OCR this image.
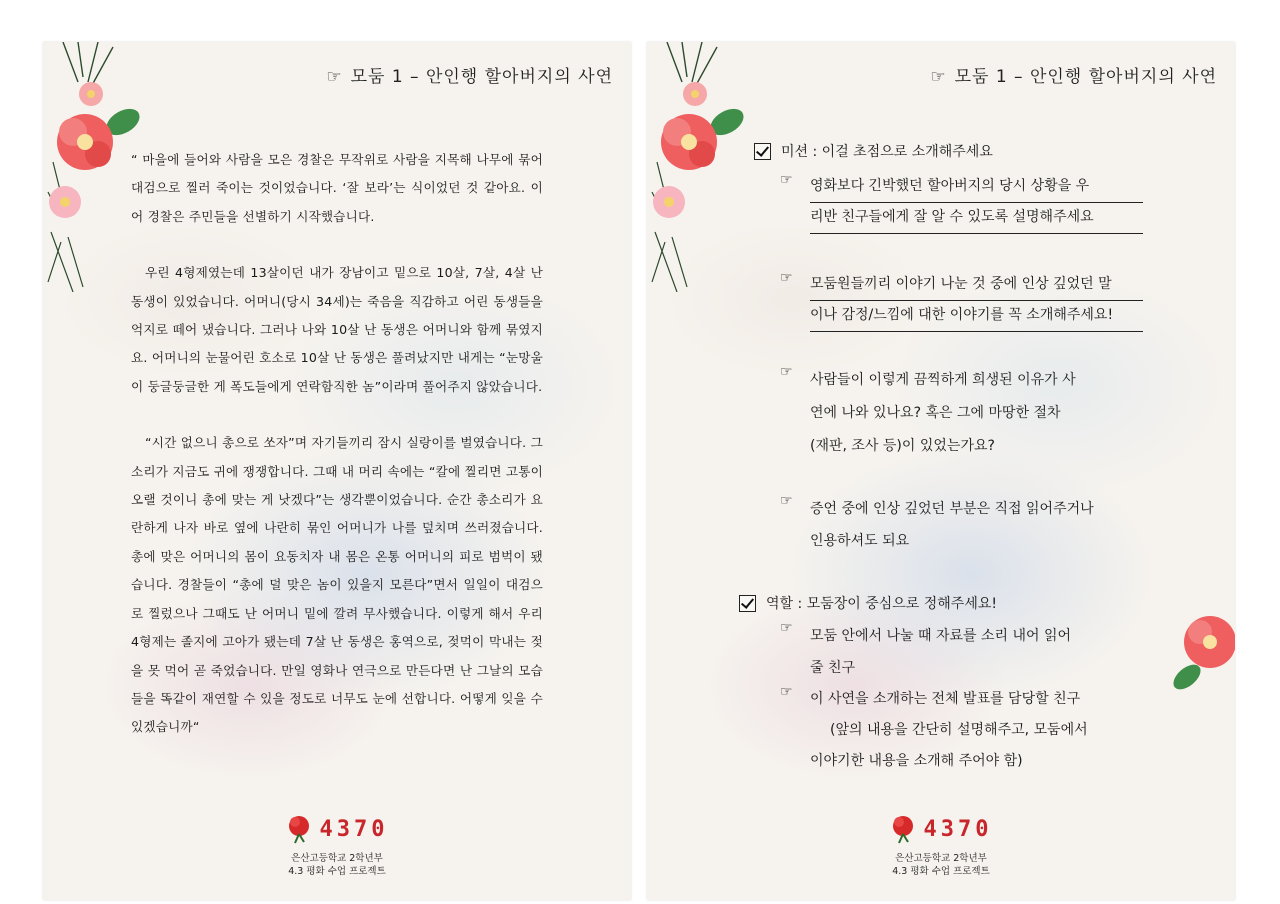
☞ 모둠 1 – 안인행 할아버지의 사연

“ 마을에 들어와 사람을 모은 경찰은 무작위로 사람을 지목해 나무에 묶어 대검으로 찔러 죽이는 것이었습니다. ‘잘 보라’는 식이었던 것 같아요. 이어 경찰은 주민들을 선별하기 시작했습니다.

우린 4형제였는데 13살이던 내가 장남이고 밑으로 10살, 7살, 4살 난 동생이 있었습니다. 어머니(당시 34세)는 죽음을 직감하고 어린 동생들을 억지로 떼어 냈습니다. 그러나 나와 10살 난 동생은 어머니와 함께 묶였지요. 어머니의 눈물어린 호소로 10살 난 동생은 풀려났지만 내게는 “눈망울이 둥글둥글한 게 폭도들에게 연락함직한 놈”이라며 풀어주지 않았습니다.

“시간 없으니 총으로 쏘자”며 자기들끼리 잠시 실랑이를 벌였습니다. 그 소리가 지금도 귀에 쟁쟁합니다. 그때 내 머리 속에는 “칼에 찔리면 고통이 오랠 것이니 총에 맞는 게 낫겠다”는 생각뿐이었습니다. 순간 총소리가 요란하게 나자 바로 옆에 나란히 묶인 어머니가 나를 덮치며 쓰러졌습니다. 총에 맞은 어머니의 몸이 요동치자 내 몸은 온통 어머니의 피로 범벅이 됐습니다. 경찰들이 “총에 덜 맞은 놈이 있을지 모른다”면서 일일이 대검으로 찔렀으나 그때도 난 어머니 밑에 깔려 무사했습니다. 이렇게 해서 우리 4형제는 졸지에 고아가 됐는데 7살 난 동생은 홍역으로, 젖먹이 막내는 젖을 못 먹어 곧 죽었습니다. 만일 영화나 연극으로 만든다면 난 그날의 모습들을 똑같이 재연할 수 있을 정도로 너무도 눈에 선합니다. 어떻게 잊을 수 있겠습니까“

4370
은산고등학교 2학년부
4.3 평화 수업 프로젝트
☞ 모둠 1 – 안인행 할아버지의 사연
미션 : 이걸 초점으로 소개해주세요
☞ 영화보다 긴박했던 할아버지의 당시 상황을 우
리반 친구들에게 잘 알 수 있도록 설명해주세요
☞ 모둠원들끼리 이야기 나눈 것 중에 인상 깊었던 말
이나 감정/느낌에 대한 이야기를 꼭 소개해주세요!
☞ 사람들이 이렇게 끔찍하게 희생된 이유가 사
연에 나와 있나요? 혹은 그에 마땅한 절차
(재판, 조사 등)이 있었는가요?
☞ 증언 중에 인상 깊었던 부분은 직접 읽어주거나
인용하셔도 되요
역할 : 모둠장이 중심으로 정해주세요!
☞ 모둠 안에서 나눌 때 자료를 소리 내어 읽어
줄 친구
☞ 이 사연을 소개하는 전체 발표를 담당할 친구
(앞의 내용을 간단히 설명해주고, 모둠에서
이야기한 내용을 소개해 주어야 함)
4370
은산고등학교 2학년부
4.3 평화 수업 프로젝트
